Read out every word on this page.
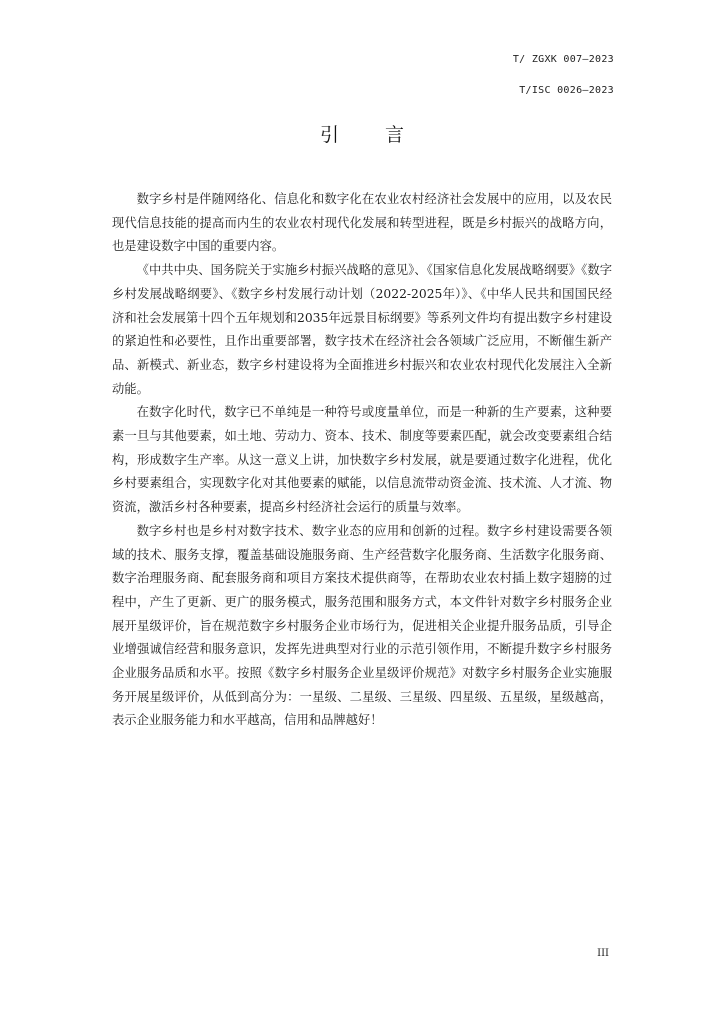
T/ ZGXK 007—2023
T/ISC 0026—2023
引 言

数字乡村是伴随网络化、信息化和数字化在农业农村经济社会发展中的应用，以及农民现代信息技能的提高而内生的农业农村现代化发展和转型进程，既是乡村振兴的战略方向，也是建设数字中国的重要内容。

《中共中央、国务院关于实施乡村振兴战略的意见》、《国家信息化发展战略纲要》《数字乡村发展战略纲要》、《数字乡村发展行动计划（2022-2025年）》、《中华人民共和国国民经济和社会发展第十四个五年规划和2035年远景目标纲要》等系列文件均有提出数字乡村建设的紧迫性和必要性，且作出重要部署，数字技术在经济社会各领域广泛应用，不断催生新产品、新模式、新业态，数字乡村建设将为全面推进乡村振兴和农业农村现代化发展注入全新动能。

在数字化时代，数字已不单纯是一种符号或度量单位，而是一种新的生产要素，这种要素一旦与其他要素，如土地、劳动力、资本、技术、制度等要素匹配，就会改变要素组合结构，形成数字生产率。从这一意义上讲，加快数字乡村发展，就是要通过数字化进程，优化乡村要素组合，实现数字化对其他要素的赋能，以信息流带动资金流、技术流、人才流、物资流，激活乡村各种要素，提高乡村经济社会运行的质量与效率。

数字乡村也是乡村对数字技术、数字业态的应用和创新的过程。数字乡村建设需要各领域的技术、服务支撑，覆盖基础设施服务商、生产经营数字化服务商、生活数字化服务商、数字治理服务商、配套服务商和项目方案技术提供商等，在帮助农业农村插上数字翅膀的过程中，产生了更新、更广的服务模式，服务范围和服务方式，本文件针对数字乡村服务企业展开星级评价，旨在规范数字乡村服务企业市场行为，促进相关企业提升服务品质，引导企业增强诚信经营和服务意识，发挥先进典型对行业的示范引领作用，不断提升数字乡村服务企业服务品质和水平。按照《数字乡村服务企业星级评价规范》对数字乡村服务企业实施服务开展星级评价，从低到高分为：一星级、二星级、三星级、四星级、五星级，星级越高，表示企业服务能力和水平越高，信用和品牌越好！

III
